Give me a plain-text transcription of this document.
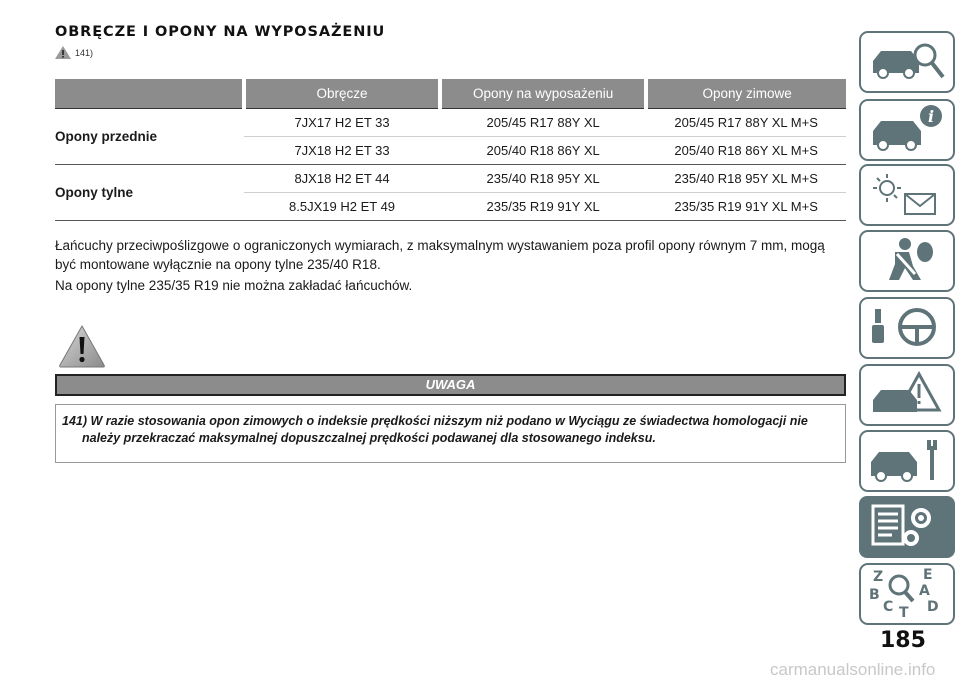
OBRĘCZE I OPONY NA WYPOSAŻENIU
141)
	Obręcze	Opony na wyposażeniu	Opony zimowe
Opony przednie	7JX17 H2 ET 33	205/45 R17 88Y XL	205/45 R17 88Y XL M+S
	7JX18 H2 ET 33	205/40 R18 86Y XL	205/40 R18 86Y XL M+S
Opony tylne	8JX18 H2 ET 44	235/40 R18 95Y XL	235/40 R18 95Y XL M+S
	8.5JX19 H2 ET 49	235/35 R19 91Y XL	235/35 R19 91Y XL M+S

Łańcuchy przeciwpoślizgowe o ograniczonych wymiarach, z maksymalnym wystawaniem poza profil opony równym 7 mm, mogą być montowane wyłącznie na opony tylne 235/40 R18.

Na opony tylne 235/35 R19 nie można zakładać łańcuchów.

UWAGA
141) W razie stosowania opon zimowych o indeksie prędkości niższym niż podano w Wyciągu ze świadectwa homologacji nie należy przekraczać maksymalnej dopuszczalnej prędkości podawanej dla stosowanego indeksu.
i
Z	E
A
B
C T D
185
carmanualsonline.info
